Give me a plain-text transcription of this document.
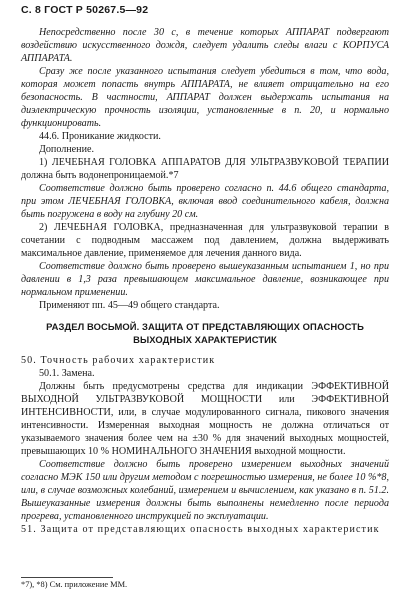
С. 8 ГОСТ Р 50267.5—92

Непосредственно после 30 с, в течение которых АППАРАТ подвергают воздействию искусственного дождя, следует удалить следы влаги с КОРПУСА АППАРАТА.

Сразу же после указанного испытания следует убедиться в том, что вода, которая может попасть внутрь АППАРАТА, не влияет отрицательно на его безопасность. В частности, АППАРАТ должен выдержать испытания на диэлектрическую прочность изоляции, установленные в п. 20, и нормально функционировать.

44.6. Проникание жидкости.

Дополнение.

1) ЛЕЧЕБНАЯ ГОЛОВКА АППАРАТОВ ДЛЯ УЛЬТРАЗВУКОВОЙ ТЕРАПИИ должна быть водонепроницаемой.*7

Соответствие должно быть проверено согласно п. 44.6 общего стандарта, при этом ЛЕЧЕБНАЯ ГОЛОВКА, включая ввод соединительного кабеля, должна быть погружена в воду на глубину 20 см.

2) ЛЕЧЕБНАЯ ГОЛОВКА, предназначенная для ультразвуковой терапии в сочетании с подводным массажем под давлением, должна выдерживать максимальное давление, применяемое для лечения данного вида.

Соответствие должно быть проверено вышеуказанным испытанием 1, но при давлении в 1,3 раза превышающем максимальное давление, возникающее при нормальном применении.

Применяют пп. 45—49 общего стандарта.

РАЗДЕЛ ВОСЬМОЙ. ЗАЩИТА ОТ ПРЕДСТАВЛЯЮЩИХ ОПАСНОСТЬ
ВЫХОДНЫХ ХАРАКТЕРИСТИК

50. Точность рабочих характеристик

50.1. Замена.

Должны быть предусмотрены средства для индикации ЭФФЕКТИВНОЙ ВЫХОДНОЙ УЛЬТРАЗВУКОВОЙ МОЩНОСТИ или ЭФФЕКТИВНОЙ ИНТЕНСИВНОСТИ, или, в случае модулированного сигнала, пикового значения интенсивности. Измеренная выходная мощность не должна отличаться от указываемого значения более чем на ±30 % для значений выходных мощностей, превышающих 10 % НОМИНАЛЬНОГО ЗНАЧЕНИЯ выходной мощности.

Соответствие должно быть проверено измерением выходных значений согласно МЭК 150 или другим методом с погрешностью измерения, не более 10 %*8, или, в случае возможных колебаний, измерением и вычислением, как указано в п. 51.2. Вышеуказанные измерения должны быть выполнены немедленно после периода прогрева, установленного инструкцией по эксплуатации.

51. Защита от представляющих опасность выходных характеристик

*7), *8) См. приложение ММ.
